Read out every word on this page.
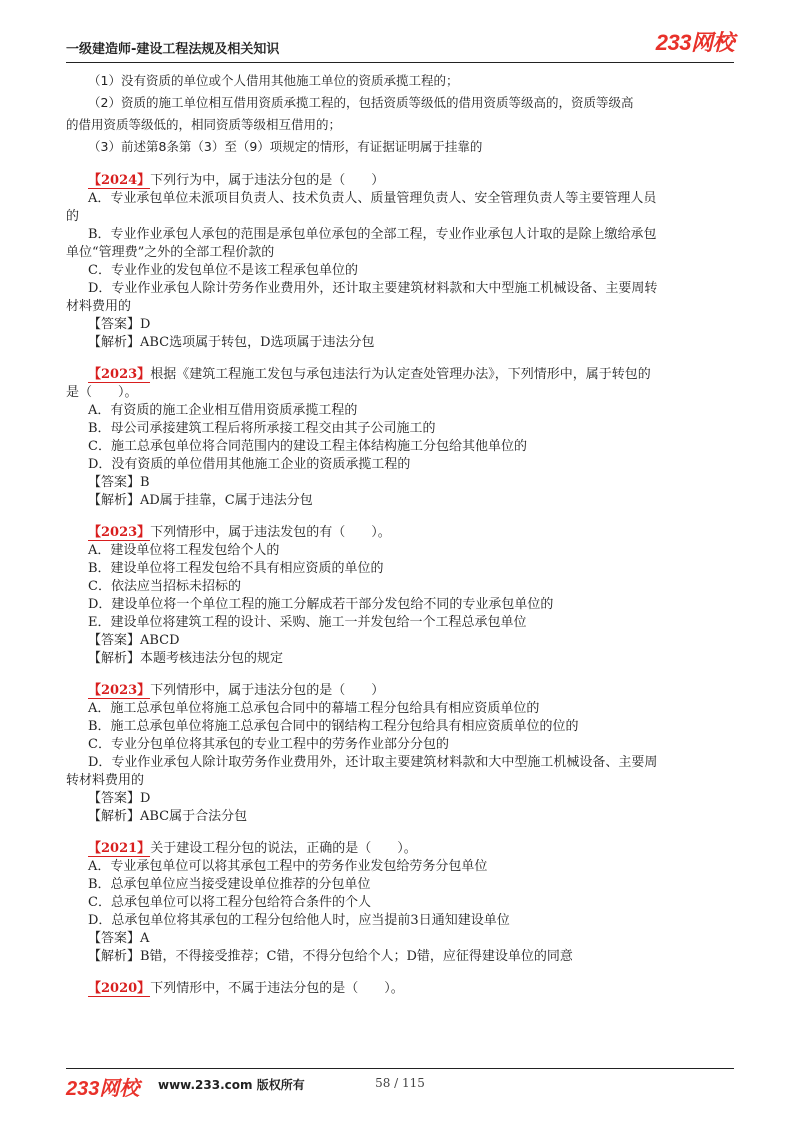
一级建造师-建设工程法规及相关知识	233网校
（1）没有资质的单位或个人借用其他施工单位的资质承揽工程的；
（2）资质的施工单位相互借用资质承揽工程的，包括资质等级低的借用资质等级高的，资质等级高
的借用资质等级低的，相同资质等级相互借用的；
（3）前述第8条第（3）至（9）项规定的情形，有证据证明属于挂靠的
【2024】下列行为中，属于违法分包的是（　　）
A．专业承包单位未派项目负责人、技术负责人、质量管理负责人、安全管理负责人等主要管理人员
的
B．专业作业承包人承包的范围是承包单位承包的全部工程，专业作业承包人计取的是除上缴给承包
单位“管理费”之外的全部工程价款的
C．专业作业的发包单位不是该工程承包单位的
D．专业作业承包人除计劳务作业费用外，还计取主要建筑材料款和大中型施工机械设备、主要周转
材料费用的
【答案】D
【解析】ABC选项属于转包，D选项属于违法分包
【2023】根据《建筑工程施工发包与承包违法行为认定查处管理办法》，下列情形中，属于转包的
是（　　）。
A．有资质的施工企业相互借用资质承揽工程的
B．母公司承接建筑工程后将所承接工程交由其子公司施工的
C．施工总承包单位将合同范围内的建设工程主体结构施工分包给其他单位的
D．没有资质的单位借用其他施工企业的资质承揽工程的
【答案】B
【解析】AD属于挂靠，C属于违法分包
【2023】下列情形中，属于违法发包的有（　　）。
A．建设单位将工程发包给个人的
B．建设单位将工程发包给不具有相应资质的单位的
C．依法应当招标未招标的
D．建设单位将一个单位工程的施工分解成若干部分发包给不同的专业承包单位的
E．建设单位将建筑工程的设计、采购、施工一并发包给一个工程总承包单位
【答案】ABCD
【解析】本题考核违法分包的规定
【2023】下列情形中，属于违法分包的是（　　）
A．施工总承包单位将施工总承包合同中的幕墙工程分包给具有相应资质单位的
B．施工总承包单位将施工总承包合同中的钢结构工程分包给具有相应资质单位的位的
C．专业分包单位将其承包的专业工程中的劳务作业部分分包的
D．专业作业承包人除计取劳务作业费用外，还计取主要建筑材料款和大中型施工机械设备、主要周
转材料费用的
【答案】D
【解析】ABC属于合法分包
【2021】关于建设工程分包的说法，正确的是（　　）。
A．专业承包单位可以将其承包工程中的劳务作业发包给劳务分包单位
B．总承包单位应当接受建设单位推荐的分包单位
C．总承包单位可以将工程分包给符合条件的个人
D．总承包单位将其承包的工程分包给他人时，应当提前3日通知建设单位
【答案】A
【解析】B错，不得接受推荐；C错，不得分包给个人；D错，应征得建设单位的同意
【2020】下列情形中，不属于违法分包的是（　　）。
233网校 www.233.com 版权所有	58 / 115
